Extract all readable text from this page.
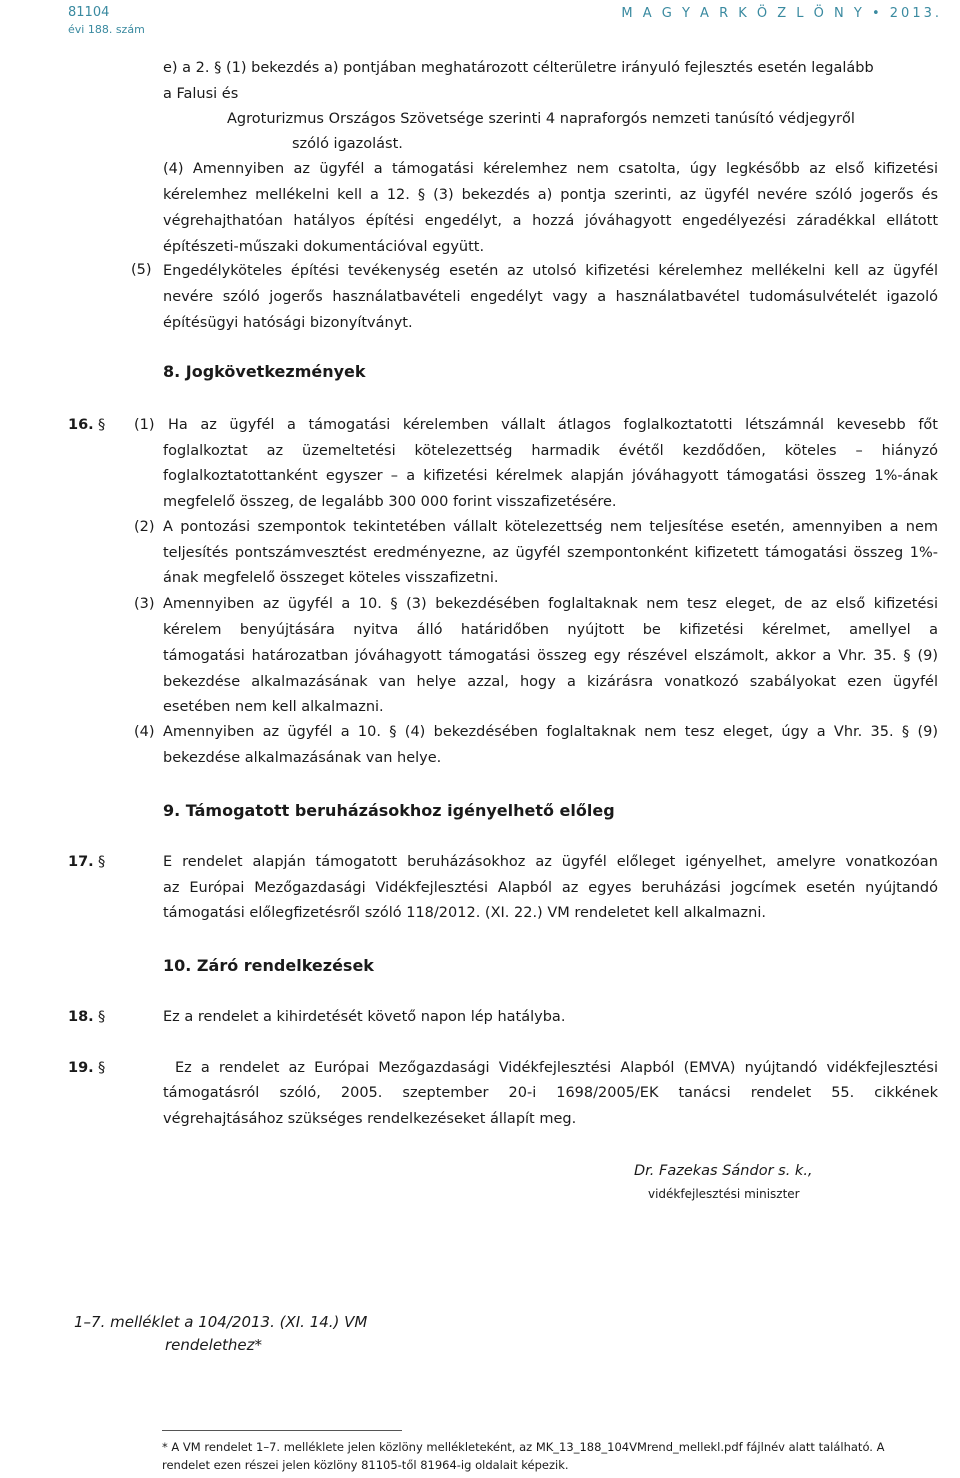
81104
évi 188. szám
M A G Y A R K Ö Z L Ö N Y • 2013.
e) a 2. § (1) bekezdés a) pontjában meghatározott célterületre irányuló fejlesztés esetén legalább
a Falusi és
Agroturizmus Országos Szövetsége szerinti 4 napraforgós nemzeti tanúsító védjegyről
szóló igazolást.
(4) Amennyiben az ügyfél a támogatási kérelemhez nem csatolta, úgy legkésőbb az első kifizetési kérelemhez mellékelni kell a 12. § (3) bekezdés a) pontja szerinti, az ügyfél nevére szóló jogerős és végrehajthatóan hatályos építési engedélyt, a hozzá jóváhagyott engedélyezési záradékkal ellátott építészeti-műszaki dokumentációval együtt.
(5) Engedélyköteles építési tevékenység esetén az utolsó kifizetési kérelemhez mellékelni kell az ügyfél nevére szóló jogerős használatbavételi engedélyt vagy a használatbavétel tudomásulvételét igazoló építésügyi hatósági bizonyítványt.
8. Jogkövetkezmények
16. § (1) Ha az ügyfél a támogatási kérelemben vállalt átlagos foglalkoztatotti létszámnál kevesebb főt
foglalkoztat az üzemeltetési kötelezettség harmadik évétől kezdődően, köteles – hiányzó
foglalkoztatottanként egyszer – a kifizetési kérelmek alapján jóváhagyott támogatási összeg 1%-ának
megfelelő összeg, de legalább 300 000 forint visszafizetésére.
(2) A pontozási szempontok tekintetében vállalt kötelezettség nem teljesítése esetén, amennyiben a nem
teljesítés pontszámvesztést eredményezne, az ügyfél szempontonként kifizetett támogatási összeg 1%-
ának megfelelő összeget köteles visszafizetni.
(3) Amennyiben az ügyfél a 10. § (3) bekezdésében foglaltaknak nem tesz eleget, de az első kifizetési
kérelem benyújtására nyitva álló határidőben nyújtott be kifizetési kérelmet, amellyel a
támogatási határozatban jóváhagyott támogatási összeg egy részével elszámolt, akkor a Vhr. 35. § (9)
bekezdése alkalmazásának van helye azzal, hogy a kizárásra vonatkozó szabályokat ezen ügyfél
esetében nem kell alkalmazni.
(4) Amennyiben az ügyfél a 10. § (4) bekezdésében foglaltaknak nem tesz eleget, úgy a Vhr. 35. § (9)
bekezdése alkalmazásának van helye.
9. Támogatott beruházásokhoz igényelhető előleg
17. §	E rendelet alapján támogatott beruházásokhoz az ügyfél előleget igényelhet, amelyre vonatkozóan
az Európai Mezőgazdasági Vidékfejlesztési Alapból az egyes beruházási jogcímek esetén nyújtandó
támogatási előlegfizetésről szóló 118/2012. (XI. 22.) VM rendeletet kell alkalmazni.
10. Záró rendelkezések
18. §	Ez a rendelet a kihirdetését követő napon lép hatályba.
19. §	Ez a rendelet az Európai Mezőgazdasági Vidékfejlesztési Alapból (EMVA) nyújtandó vidékfejlesztési
támogatásról szóló, 2005. szeptember 20-i 1698/2005/EK tanácsi rendelet 55. cikkének
végrehajtásához szükséges rendelkezéseket állapít meg.
Dr. Fazekas Sándor s. k.,
vidékfejlesztési miniszter
1–7. melléklet a 104/2013. (XI. 14.) VM
rendelethez*
* A VM rendelet 1–7. melléklete jelen közlöny mellékleteként, az MK_13_188_104VMrend_mellekl.pdf fájlnév alatt található. A rendelet ezen részei jelen közlöny 81105-től 81964-ig oldalait képezik.
